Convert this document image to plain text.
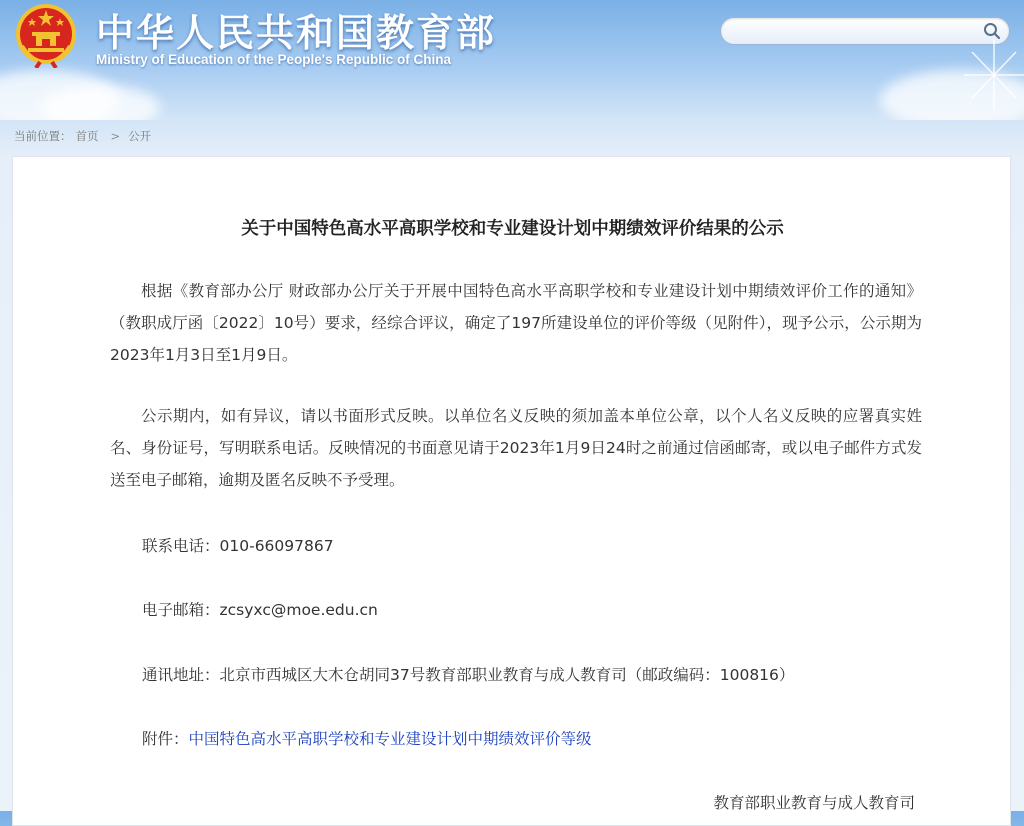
中华人民共和国教育部

Ministry of Education of the People's Republic of China

当前位置： 首页 > 公开
关于中国特色高水平高职学校和专业建设计划中期绩效评价结果的公示

根据《教育部办公厅 财政部办公厅关于开展中国特色高水平高职学校和专业建设计划中期绩效评价工作的通知》（教职成厅函〔2022〕10号）要求，经综合评议，确定了197所建设单位的评价等级（见附件），现予公示，公示期为2023年1月3日至1月9日。

公示期内，如有异议，请以书面形式反映。以单位名义反映的须加盖本单位公章，以个人名义反映的应署真实姓名、身份证号，写明联系电话。反映情况的书面意见请于2023年1月9日24时之前通过信函邮寄，或以电子邮件方式发送至电子邮箱，逾期及匿名反映不予受理。

联系电话：010-66097867

电子邮箱：zcsyxc@moe.edu.cn

通讯地址：北京市西城区大木仓胡同37号教育部职业教育与成人教育司（邮政编码：100816）

附件：中国特色高水平高职学校和专业建设计划中期绩效评价等级

教育部职业教育与成人教育司
